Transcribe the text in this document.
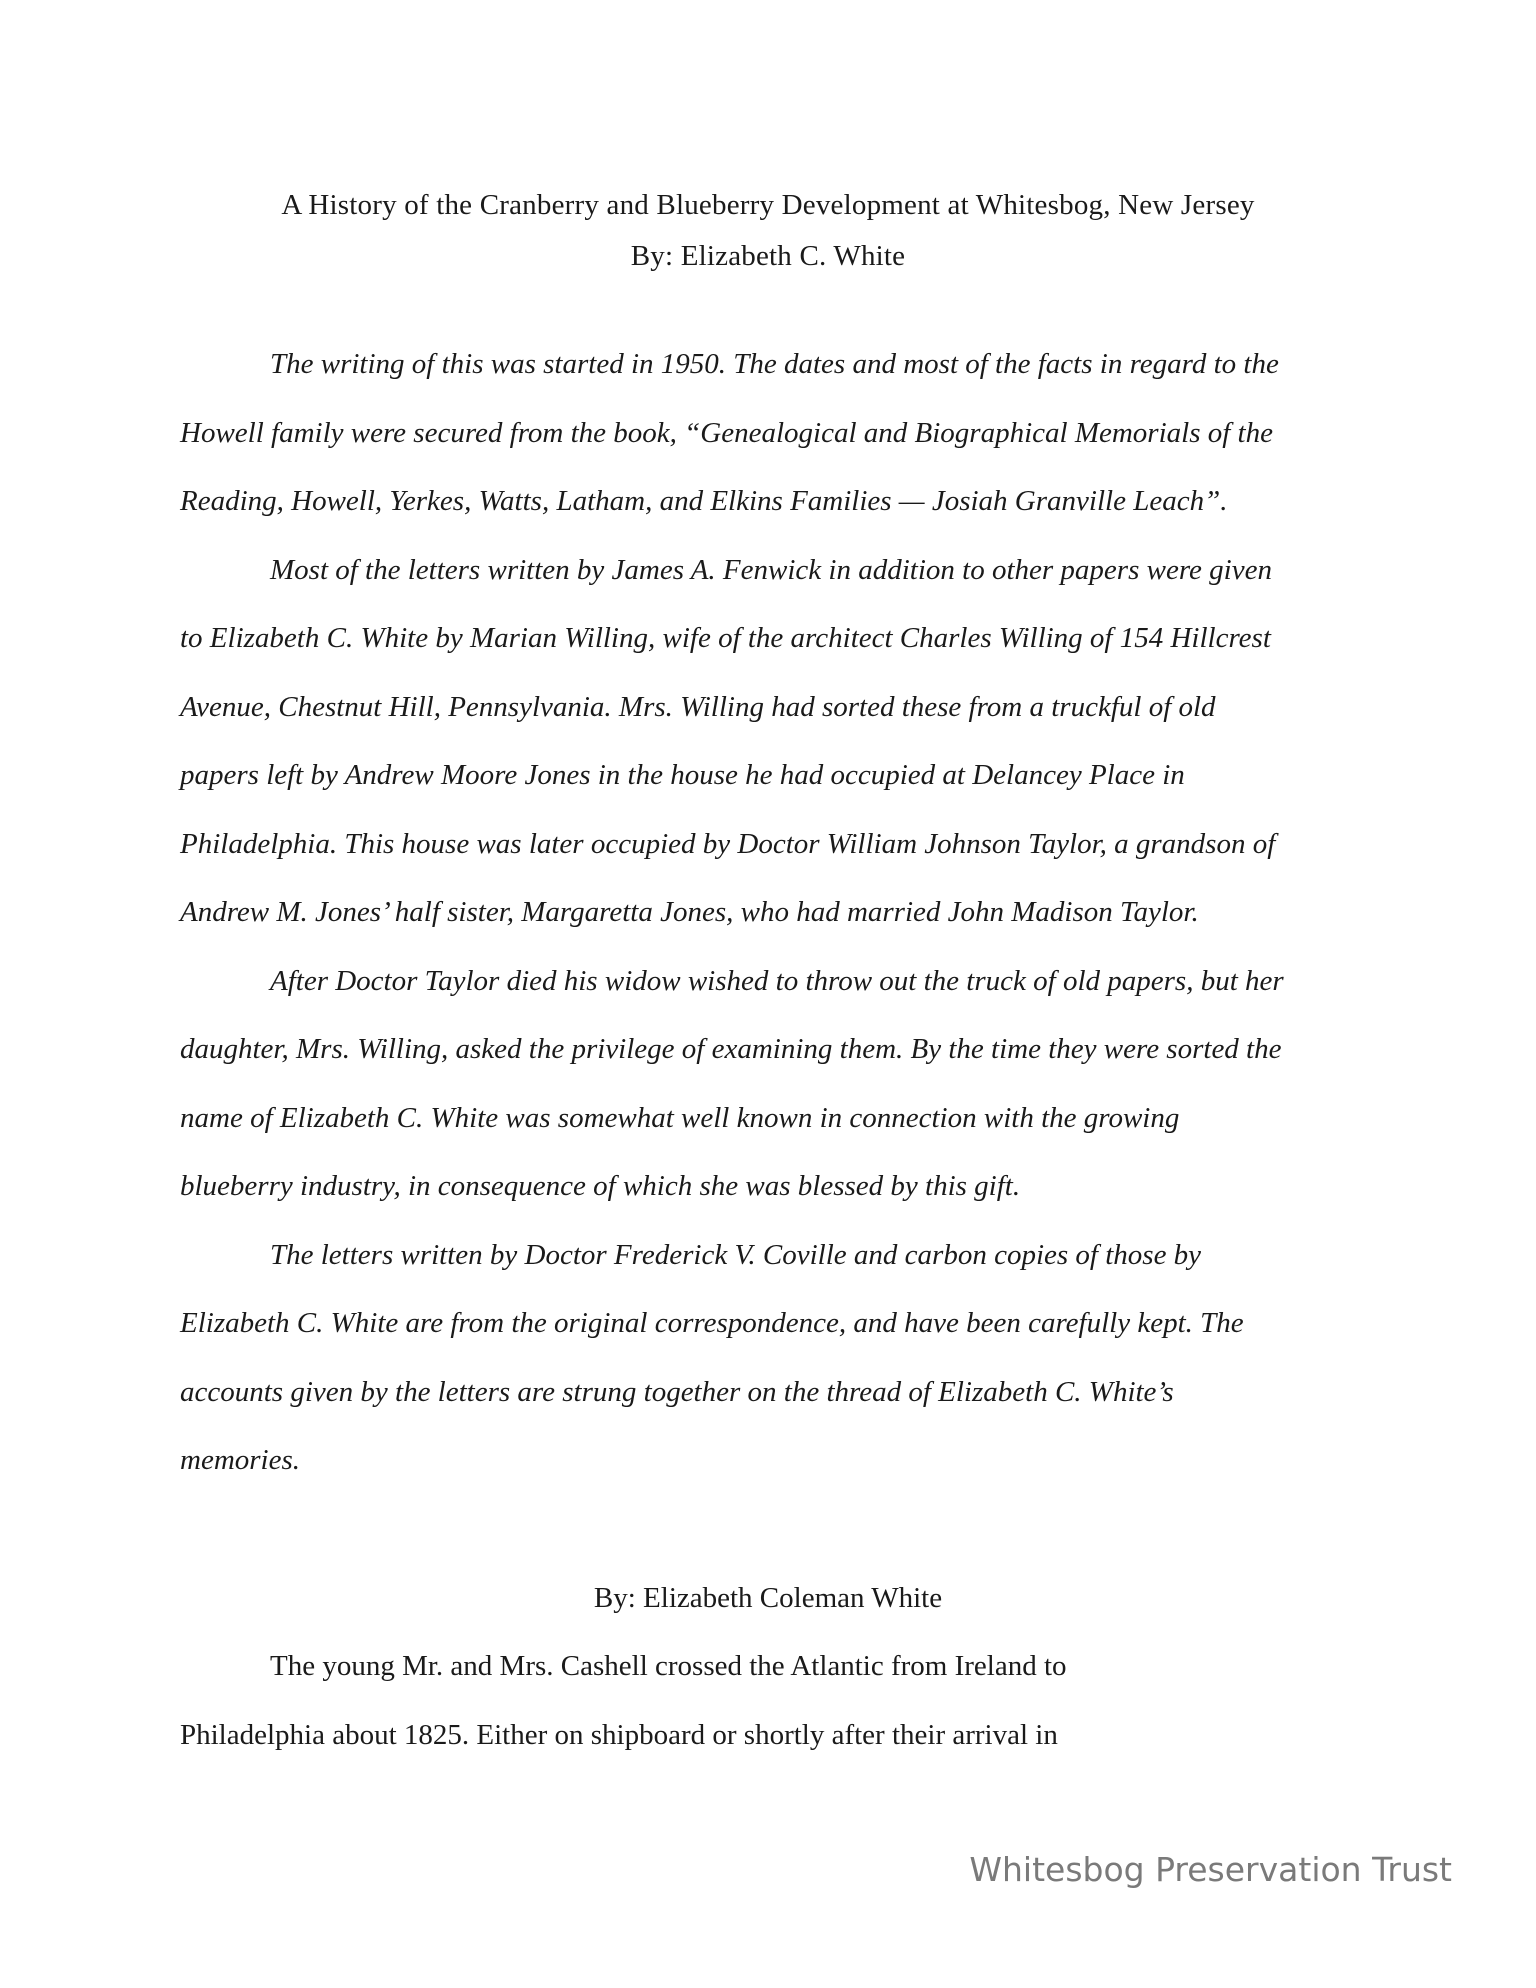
A History of the Cranberry and Blueberry Development at Whitesbog, New Jersey
By: Elizabeth C. White
The writing of this was started in 1950. The dates and most of the facts in regard to the
Howell family were secured from the book, “Genealogical and Biographical Memorials of the
Reading, Howell, Yerkes, Watts, Latham, and Elkins Families — Josiah Granville Leach”.
Most of the letters written by James A. Fenwick in addition to other papers were given
to Elizabeth C. White by Marian Willing, wife of the architect Charles Willing of 154 Hillcrest
Avenue, Chestnut Hill, Pennsylvania. Mrs. Willing had sorted these from a truckful of old
papers left by Andrew Moore Jones in the house he had occupied at Delancey Place in
Philadelphia. This house was later occupied by Doctor William Johnson Taylor, a grandson of
Andrew M. Jones’ half sister, Margaretta Jones, who had married John Madison Taylor.
After Doctor Taylor died his widow wished to throw out the truck of old papers, but her
daughter, Mrs. Willing, asked the privilege of examining them. By the time they were sorted the
name of Elizabeth C. White was somewhat well known in connection with the growing
blueberry industry, in consequence of which she was blessed by this gift.
The letters written by Doctor Frederick V. Coville and carbon copies of those by
Elizabeth C. White are from the original correspondence, and have been carefully kept. The
accounts given by the letters are strung together on the thread of Elizabeth C. White’s
memories.
By: Elizabeth Coleman White
The young Mr. and Mrs. Cashell crossed the Atlantic from Ireland to
Philadelphia about 1825. Either on shipboard or shortly after their arrival in
Whitesbog Preservation Trust
